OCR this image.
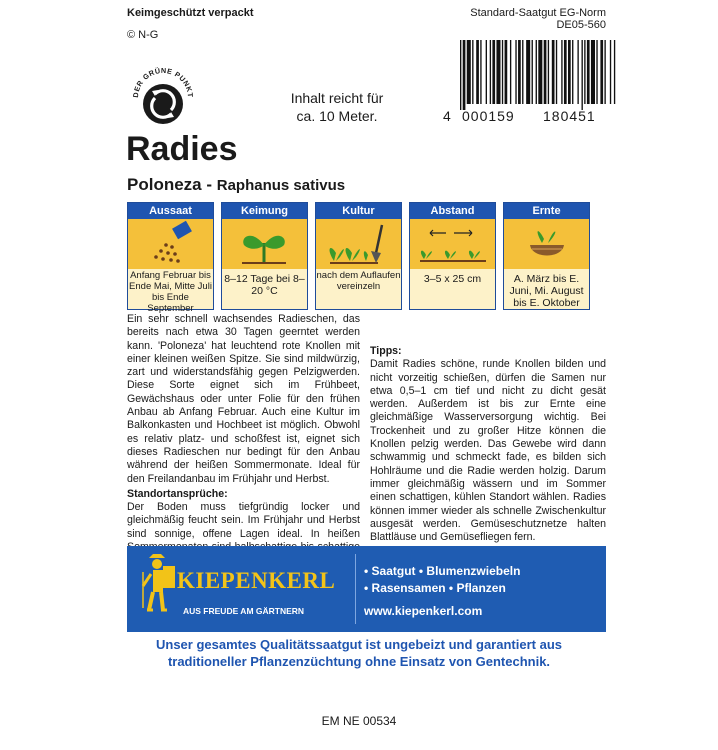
Keimgeschützt verpackt
© N-G
Standard-Saatgut EG-Norm
DE05-560
DER GRÜNE PUNKT	Inhalt reicht für
ca. 10 Meter.	4 000159 180451
Radies
Poloneza - Raphanus sativus
Aussaat
Anfang Februar bis Ende Mai, Mitte Juli bis Ende September
Keimung
8–12 Tage bei 8–20 °C
Kultur
nach dem Auflaufen vereinzeln
Abstand
3–5 x 25 cm
Ernte
A. März bis E. Juni, Mi. August bis E. Oktober

Ein sehr schnell wachsendes Radieschen, das bereits nach etwa 30 Tagen geerntet werden kann. 'Poloneza' hat leuchtend rote Knollen mit einer kleinen weißen Spitze. Sie sind mildwürzig, zart und widerstandsfähig gegen Pelzigwerden. Diese Sorte eignet sich im Frühbeet, Gewächshaus oder unter Folie für den frühen Anbau ab Anfang Februar. Auch eine Kultur im Balkonkasten und Hochbeet ist möglich. Obwohl es relativ platz- und schoßfest ist, eignet sich dieses Radieschen nur bedingt für den Anbau während der heißen Sommermonate. Ideal für den Freilandanbau im Frühjahr und Herbst.

Standortansprüche:

Der Boden muss tiefgründig locker und gleichmäßig feucht sein. Im Frühjahr und Herbst sind sonnige, offene Lagen ideal. In heißen

Tipps:

Damit Radies schöne, runde Knollen bilden und nicht vorzeitig schießen, dürfen die Samen nur etwa 0,5–1 cm tief und nicht zu dicht gesät werden. Außerdem ist bis zur Ernte eine gleichmäßige Wasserversorgung wichtig. Bei Trockenheit und zu großer Hitze können die Knollen pelzig werden. Das Gewebe wird dann schwammig und schmeckt fade, es bilden sich Hohlräume und die Radie werden holzig. Darum immer gleichmäßig wässern und im Sommer einen schattigen, kühlen Standort wählen. Radies können immer wieder als schnelle Zwischenkultur ausgesät werden. Gemüseschutznetze halten Blattläuse und Gemüsefliegen fern.

KIEPENKERL
AUS FREUDE AM GÄRTNERN
• Saatgut • Blumenzwiebeln
• Rasensamen • Pflanzen
www.kiepenkerl.com
Unser gesamtes Qualitätssaatgut ist ungebeizt und garantiert aus
traditioneller Pflanzenzüchtung ohne Einsatz von Gentechnik.
EM NE 00534
